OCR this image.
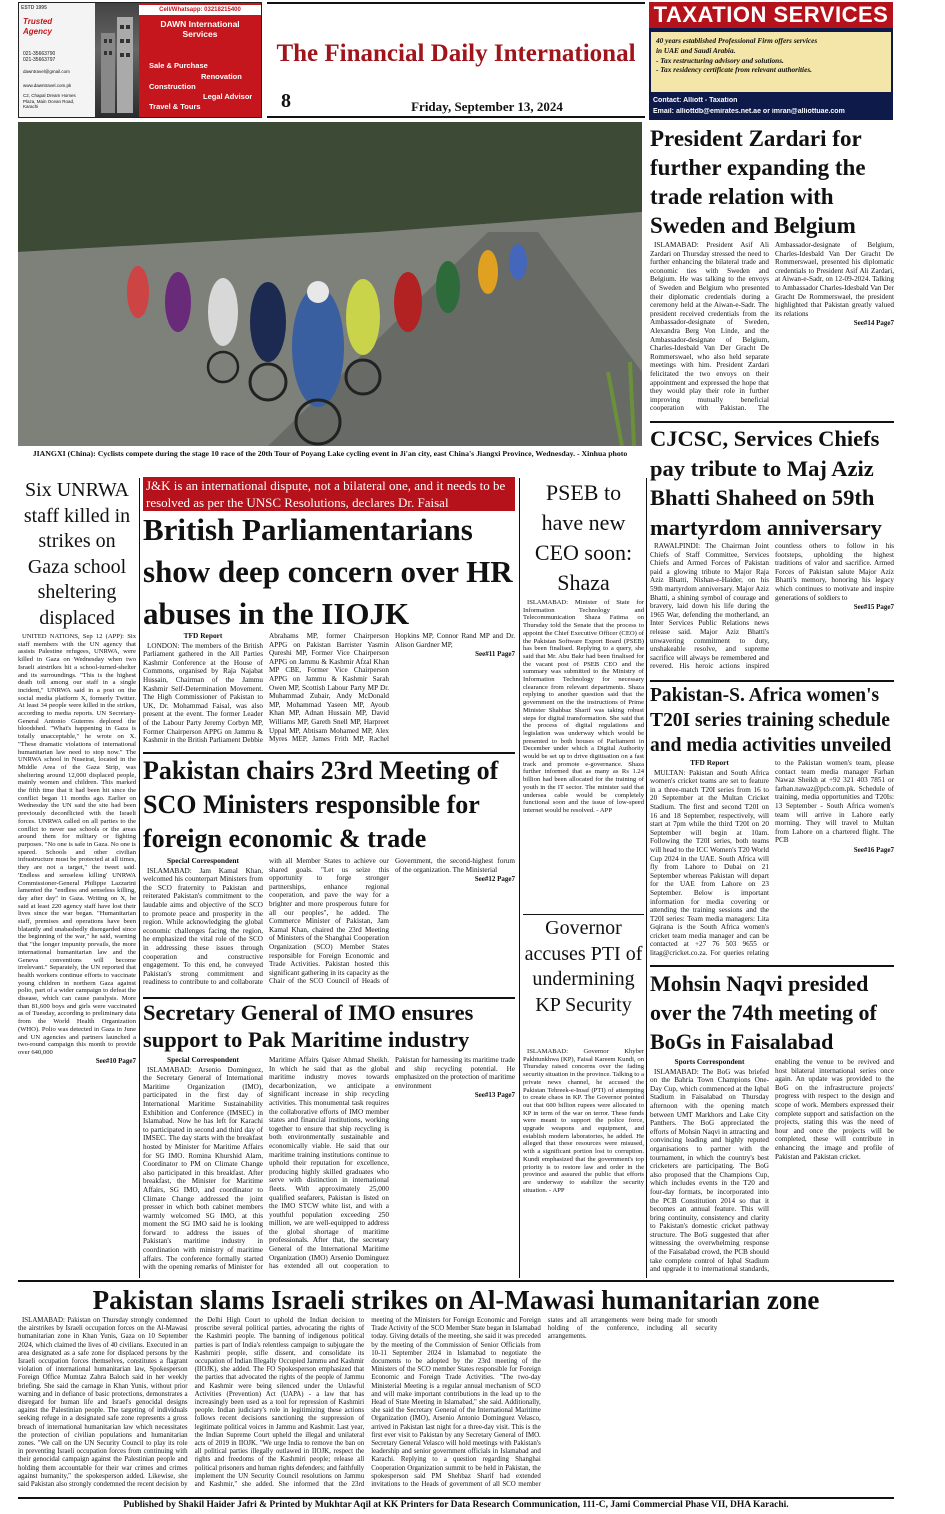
ESTD 1995
Trusted
Agency
021-35663790
021-35663797
dawntravel@gmail.com
www.dawntravel.com.pk
C2, Chapal Dream Homes
Plaza, Main Ocean Road,
Karachi
Cell/Whatsapp: 03218215400
DAWN International Services
Sale & Purchase
Renovation
Construction
Legal Advisor
Travel & Tours
The Financial Daily International
8	Friday, September 13, 2024
TAXATION SERVICES
40 years established Professional Firm offers services
in UAE and Saudi Arabia.
- Tax restructuring advisory and solutions.
- Tax residency certificate from relevant authorities.
Contact: Alliott - Taxation
Email: alliottdb@emirates.net.ae or imran@alliottuae.com
JIANGXI (China): Cyclists compete during the stage 10 race of the 20th Tour of Poyang Lake cycling event in Ji'an city, east China's Jiangxi Province, Wednesday. - Xinhua photo
President Zardari for further expanding the trade relation with Sweden and Belgium

ISLAMABAD: President Asif Ali Zardari on Thursday stressed the need to further enhancing the bilateral trade and economic ties with Sweden and Belgium. He was talking to the envoys of Sweden and Belgium who presented their diplomatic credentials during a ceremony held at the Aiwan-e-Sadr. The president received credentials from the Ambassador-designate of Sweden, Alexandra Berg Von Linde, and the Ambassador-designate of Belgium, Charles-Idesbald Van Der Gracht De Rommerswael, who also held separate meetings with him. President Zardari felicitated the two envoys on their appointment and expressed the hope that they would play their role in further improving mutually beneficial cooperation with Pakistan. The Ambassador-designate of Belgium, Charles-Idesbald Van Der Gracht De Rommerswael, presented his diplomatic credentials to President Asif Ali Zardari, at Aiwan-e-Sadr, on 12-09-2024. Talking to Ambassador Charles-Idesbald Van Der Gracht De Rommerswael, the president highlighted that Pakistan greatly valued its relations

See#14 Page7

CJCSC, Services Chiefs pay tribute to Maj Aziz Bhatti Shaheed on 59th martyrdom anniversary

RAWALPINDI: The Chairman Joint Chiefs of Staff Committee, Services Chiefs and Armed Forces of Pakistan paid a glowing tribute to Major Raja Aziz Bhatti, Nishan-e-Haider, on his 59th martyrdom anniversary. Major Aziz Bhatti, a shining symbol of courage and bravery, laid down his life during the 1965 War, defending the motherland, an Inter Services Public Relations news release said. Major Aziz Bhatti's unwavering commitment to duty, unshakeable resolve, and supreme sacrifice will always be remembered and revered. His heroic actions inspired countless others to follow in his footsteps, upholding the highest traditions of valor and sacrifice. Armed Forces of Pakistan salute Major Aziz Bhatti's memory, honoring his legacy which continues to motivate and inspire generations of soldiers to

See#15 Page7

Pakistan-S. Africa women's T20I series training schedule and media activities unveiled

TFD Report

MULTAN: Pakistan and South Africa women's cricket teams are set to feature in a three-match T20I series from 16 to 20 September at the Multan Cricket Stadium. The first and second T20I on 16 and 18 September, respectively, will start at 7pm while the third T20I on 20 September will begin at 10am. Following the T20I series, both teams will head to the ICC Women's T20 World Cup 2024 in the UAE. South Africa will fly from Lahore to Dubai on 21 September whereas Pakistan will depart for the UAE from Lahore on 23 September. Below is important information for media covering or attending the training sessions and the T20I series: Team media managers: Lita Gqirana is the South Africa women's cricket team media manager and can be contacted at +27 76 503 9655 or litag@cricket.co.za. For queries relating to the Pakistan women's team, please contact team media manager Farhan Nawaz Sheikh at +92 321 403 7851 or farhan.nawaz@pcb.com.pk. Schedule of training, media opportunities and T20Is: 13 September - South Africa women's team will arrive in Lahore early morning. They will travel to Multan from Lahore on a chartered flight. The PCB

See#16 Page7

Mohsin Naqvi presided over the 74th meeting of BoGs in Faisalabad

Sports Correspondent

ISLAMABAD: The BoG was briefed on the Bahria Town Champions One-Day Cup, which commenced at the Iqbal Stadium in Faisalabad on Thursday afternoon with the opening match between UMT Markhors and Lake City Panthers. The BoG appreciated the efforts of Mohsin Naqvi in attracting and convincing leading and highly reputed organisations to partner with the tournament, in which the country's best cricketers are participating. The BoG also proposed that the Champions Cup, which includes events in the T20 and four-day formats, be incorporated into the PCB Constitution 2014 so that it becomes an annual feature. This will bring continuity, consistency and clarity to Pakistan's domestic cricket pathway structure. The BoG suggested that after witnessing the overwhelming response of the Faisalabad crowd, the PCB should take complete control of Iqbal Stadium and upgrade it to international standards, enabling the venue to be revived and host bilateral international series once again. An update was provided to the BoG on the infrastructure projects' progress with respect to the design and scope of work. Members expressed their complete support and satisfaction on the projects, stating this was the need of hour and once the projects will be completed, these will contribute in enhancing the image and profile of Pakistan and Pakistan cricket.

Six UNRWA staff killed in strikes on Gaza school sheltering displaced

UNITED NATIONS, Sep 12 (APP): Six staff members with the UN agency that assists Palestine refugees, UNRWA, were killed in Gaza on Wednesday when two Israeli airstrikes hit a school-turned-shelter and its surroundings. "This is the highest death toll among our staff in a single incident," UNRWA said in a post on the social media platform X, formerly Twitter. At least 34 people were killed in the strikes, according to media reports. UN Secretary-General Antonio Guterres deplored the bloodshed. "What's happening in Gaza is totally unacceptable," he wrote on X. "These dramatic violations of international humanitarian law need to stop now." The UNRWA school in Nuseirat, located in the Middle Area of the Gaza Strip, was sheltering around 12,000 displaced people, mainly women and children. This marked the fifth time that it had been hit since the conflict began 11 months ago. Earlier on Wednesday the UN said the site had been previously deconflicted with the Israeli forces. UNRWA called on all parties to the conflict to never use schools or the areas around them for military or fighting purposes. "No one is safe in Gaza. No one is spared. Schools and other civilian infrastructure must be protected at all times, they are not a target," the tweet said. 'Endless and senseless killing' UNRWA Commissioner-General Philippe Lazzarini lamented the "endless and senseless killing, day after day" in Gaza. Writing on X, he said at least 220 agency staff have lost their lives since the war began. "Humanitarian staff, premises and operations have been blatantly and unabashedly disregarded since the beginning of the war," he said, warning that "the longer impunity prevails, the more international humanitarian law and the Geneva conventions will become irrelevant." Separately, the UN reported that health workers continue efforts to vaccinate young children in northern Gaza against polio, part of a wider campaign to defeat the disease, which can cause paralysis. More than 81,600 boys and girls were vaccinated as of Tuesday, according to preliminary data from the World Health Organization (WHO). Polio was detected in Gaza in June and UN agencies and partners launched a two-round campaign this month to provide over 640,000

See#10 Page7

J&K is an international dispute, not a bilateral one, and it needs to be resolved as per the UNSC Resolutions, declares Dr. Faisal
British Parliamentarians show deep concern over HR abuses in the IIOJK

TFD Report

LONDON: The members of the British Parliament gathered in the All Parties Kashmir Conference at the House of Commons, organised by Raja Najabat Hussain, Chairman of the Jammu Kashmir Self-Determination Movement. The High Commissioner of Pakistan to UK, Dr. Mohammad Faisal, was also present at the event. The former Leader of the Labour Party Jeremy Corbyn MP, Former Chairperson APPG on Jammu & Kashmir in the British Parliament Debbie Abrahams MP, former Chairperson APPG on Pakistan Barrister Yasmin Qureshi MP, Former Vice Chairperson APPG on Jammu & Kashmir Afzal Khan MP CBE, Former Vice Chairperson APPG on Jammu & Kashmir Sarah Owen MP, Scottish Labour Party MP Dr. Muhammad Zubair, Andy McDonald MP, Mohammad Yaseen MP, Ayoub Khan MP, Adnan Hussain MP, David Williams MP, Gareth Snell MP, Harpreet Uppal MP, Abtisam Mohamed MP, Alex Myres MEP, James Frith MP, Rachel Hopkins MP, Connor Rand MP and Dr. Alison Gardner MP,

See#11 Page7

Pakistan chairs 23rd Meeting of SCO Ministers responsible for foreign economic & trade

Special Correspondent

ISLAMABAD: Jam Kamal Khan, welcomed his counterpart Ministers from the SCO fraternity to Pakistan and reiterated Pakistan's commitment to the laudable aims and objective of the SCO to promote peace and prosperity in the region. While acknowledging the global economic challenges facing the region, he emphasized the vital role of the SCO in addressing these issues through cooperation and constructive engagement. To this end, he conveyed Pakistan's strong commitment and readiness to contribute to and collaborate with all Member States to achieve our shared goals. "Let us seize this opportunity to forge stronger partnerships, enhance regional cooperation, and pave the way for a brighter and more prosperous future for all our peoples", he added. The Commerce Minister of Pakistan, Jam Kamal Khan, chaired the 23rd Meeting of Ministers of the Shanghai Cooperation Organization (SCO) Member States responsible for Foreign Economic and Trade Activities. Pakistan hosted this significant gathering in its capacity as the Chair of the SCO Council of Heads of Government, the second-highest forum of the organization. The Ministerial

See#12 Page7

Secretary General of IMO ensures support to Pak Maritime industry

Special Correspondent

ISLAMABAD: Arsenio Dominguez, the Secretary General of International Maritime Organization (IMO), participated in the first day of International Maritime Sustainability Exhibition and Conference (IMSEC) in Islamabad. Now he has left for Karachi to participated in second and third day of IMSEC. The day starts with the breakfast hosted by Minister for Maritime Affairs for SG IMO. Romina Khurshid Alam, Coordinator to PM on Climate Change also participated in this breakfast. After breakfast, the Minister for Maritime Affairs, SG IMO, and coordinator to Climate Change addressed the joint presser in which both cabinet members warmly welcomed SG IMO, at this moment the SG IMO said he is looking forward to address the issues of Pakistan's maritime industry in coordination with ministry of maritime affairs. The conference formally started with the opening remarks of Minister for Maritime Affairs Qaiser Ahmad Sheikh. In which he said that as the global maritime industry moves towards decarbonization, we anticipate a significant increase in ship recycling activities. This monumental task requires the collaborative efforts of IMO member states and financial institutions, working together to ensure that ship recycling is both environmentally sustainable and economically viable. He said that our maritime training institutions continue to uphold their reputation for excellence, producing highly skilled graduates who serve with distinction in international fleets. With approximately 25,000 qualified seafarers, Pakistan is listed on the IMO STCW white list, and with a youthful population exceeding 250 million, we are well-equipped to address the global shortage of maritime professionals. After that, the secretary General of the International Maritime Organization (IMO) Arsenio Dominguez has extended all out cooperation to Pakistan for harnessing its maritime trade and ship recycling potential. He emphasized on the protection of maritime environment

See#13 Page7

PSEB to have new CEO soon: Shaza

ISLAMABAD: Minister of State for Information Technology and Telecommunication Shaza Fatima on Thursday told the Senate that the process to appoint the Chief Executive Officer (CEO) of the Pakistan Software Export Board (PSEB) has been finalised. Replying to a query, she said that Mr. Abu Bakr had been finalised for the vacant post of PSEB CEO and the summary was submitted to the Ministry of Information Technology for necessary clearance from relevant departments. Shaza replying to another question said that the government on the the instructions of Prime Minister Shahbaz Sharif was taking robust steps for digital transformation. She said that the process of digital regulations and legislation was underway which would be presented to both houses of Parliament in December under which a Digital Authority would be set up to drive digitisation on a fast track and promote e-governance. Shaza further informed that as many as Rs 1.24 billion had been allocated for the training of youth in the IT sector. The minister said that undersea cable would be completely functional soon and the issue of low-speed internet would be resolved. - APP

Governor accuses PTI of undermining KP Security

ISLAMABAD: Governor Khyber Pakhtunkhwa (KP), Faisal Kareem Kundi, on Thursday raised concerns over the fading security situation in the province. Talking to a private news channel, he accused the Pakistan Tehreek-e-Insaf (PTI) of attempting to create chaos in KP. The Governor pointed out that 600 billion rupees were allocated to KP in term of the war on terror. These funds were meant to support the police force, upgrade weapons and equipment, and establish modern laboratories, he added. He alleged that these resources were misused, with a significant portion lost to corruption. Kundi emphasized that the government's top priority is to restore law and order in the province and assured the public that efforts are underway to stabilize the security situation. - APP

Pakistan slams Israeli strikes on Al-Mawasi humanitarian zone

ISLAMABAD: Pakistan on Thursday strongly condemned the airstrikes by Israeli occupation forces on the Al-Mawasi humanitarian zone in Khan Yunis, Gaza on 10 September 2024, which claimed the lives of 40 civilians. Executed in an area designated as a safe zone for displaced persons by the Israeli occupation forces themselves, constitutes a flagrant violation of international humanitarian law, Spokesperson Foreign Office Mumtaz Zahra Baloch said in her weekly briefing. She said the carnage in Khan Yunis, without prior warning and in defiance of basic protections, demonstrates a disregard for human life and Israel's genocidal designs against the Palestinian people. The targeting of individuals seeking refuge in a designated safe zone represents a gross breach of international humanitarian law which necessitates the protection of civilian populations and humanitarian zones. "We call on the UN Security Council to play its role in preventing Israeli occupation forces from continuing with their genocidal campaign against the Palestinian people and holding them accountable for their war crimes and crimes against humanity," the spokesperson added. Likewise, she said Pakistan also strongly condemned the recent decision by the Delhi High Court to uphold the Indian decision to proscribe several political parties, advocating the rights of the Kashmiri people. The banning of indigenous political parties is part of India's relentless campaign to subjugate the Kashmiri people, stifle dissent, and consolidate its occupation of Indian Illegally Occupied Jammu and Kashmir (IIOJK), she added. The FO Spokesperson emphasized that the parties that advocated the rights of the people of Jammu and Kashmir were being silenced under the Unlawful Activities (Prevention) Act (UAPA) - a law that has increasingly been used as a tool for repression of Kashmiri people. Indian judiciary's role in legitimizing these actions follows recent decisions sanctioning the suppression of legitimate political voices in Jammu and Kashmir. Last year, the Indian Supreme Court upheld the illegal and unilateral acts of 2019 in IIOJK. "We urge India to remove the ban on all political parties illegally outlawed in IIOJK, respect the rights and freedoms of the Kashmiri people; release all political prisoners and human rights defenders; and faithfully implement the UN Security Council resolutions on Jammu and Kashmir," she added. She informed that the 23rd meeting of the Ministers for Foreign Economic and Foreign Trade Activity of the SCO Member State began in Islamabad today. Giving details of the meeting, she said it was preceded by the meeting of the Commission of Senior Officials from 10-11 September 2024 in Islamabad to negotiate the documents to be adopted by the 23rd meeting of the Ministers of the SCO member States responsible for Foreign Economic and Foreign Trade Activities. "The two-day Ministerial Meeting is a regular annual mechanism of SCO and will make important contributions in the lead up to the Head of State Meeting in Islamabad," she said. Additionally, she said the Secretary General of the International Maritime Organization (IMO), Arsenio Antonio Dominguez Velasco, arrived in Pakistan last night for a three-day visit. This is the first ever visit to Pakistan by any Secretary General of IMO. Secretary General Velasco will hold meetings with Pakistan's leadership and senior government officials in Islamabad and Karachi. Replying to a question regarding Shanghai Cooperation Organization summit to be held in Pakistan, the spokesperson said PM Shehbaz Sharif had extended invitations to the Heads of government of all SCO member states and all arrangements were being made for smooth holding of the conference, including all security arrangements.

Published by Shakil Haider Jafri & Printed by Mukhtar Aqil at KK Printers for Data Research Communication, 111-C, Jami Commercial Phase VII, DHA Karachi.
